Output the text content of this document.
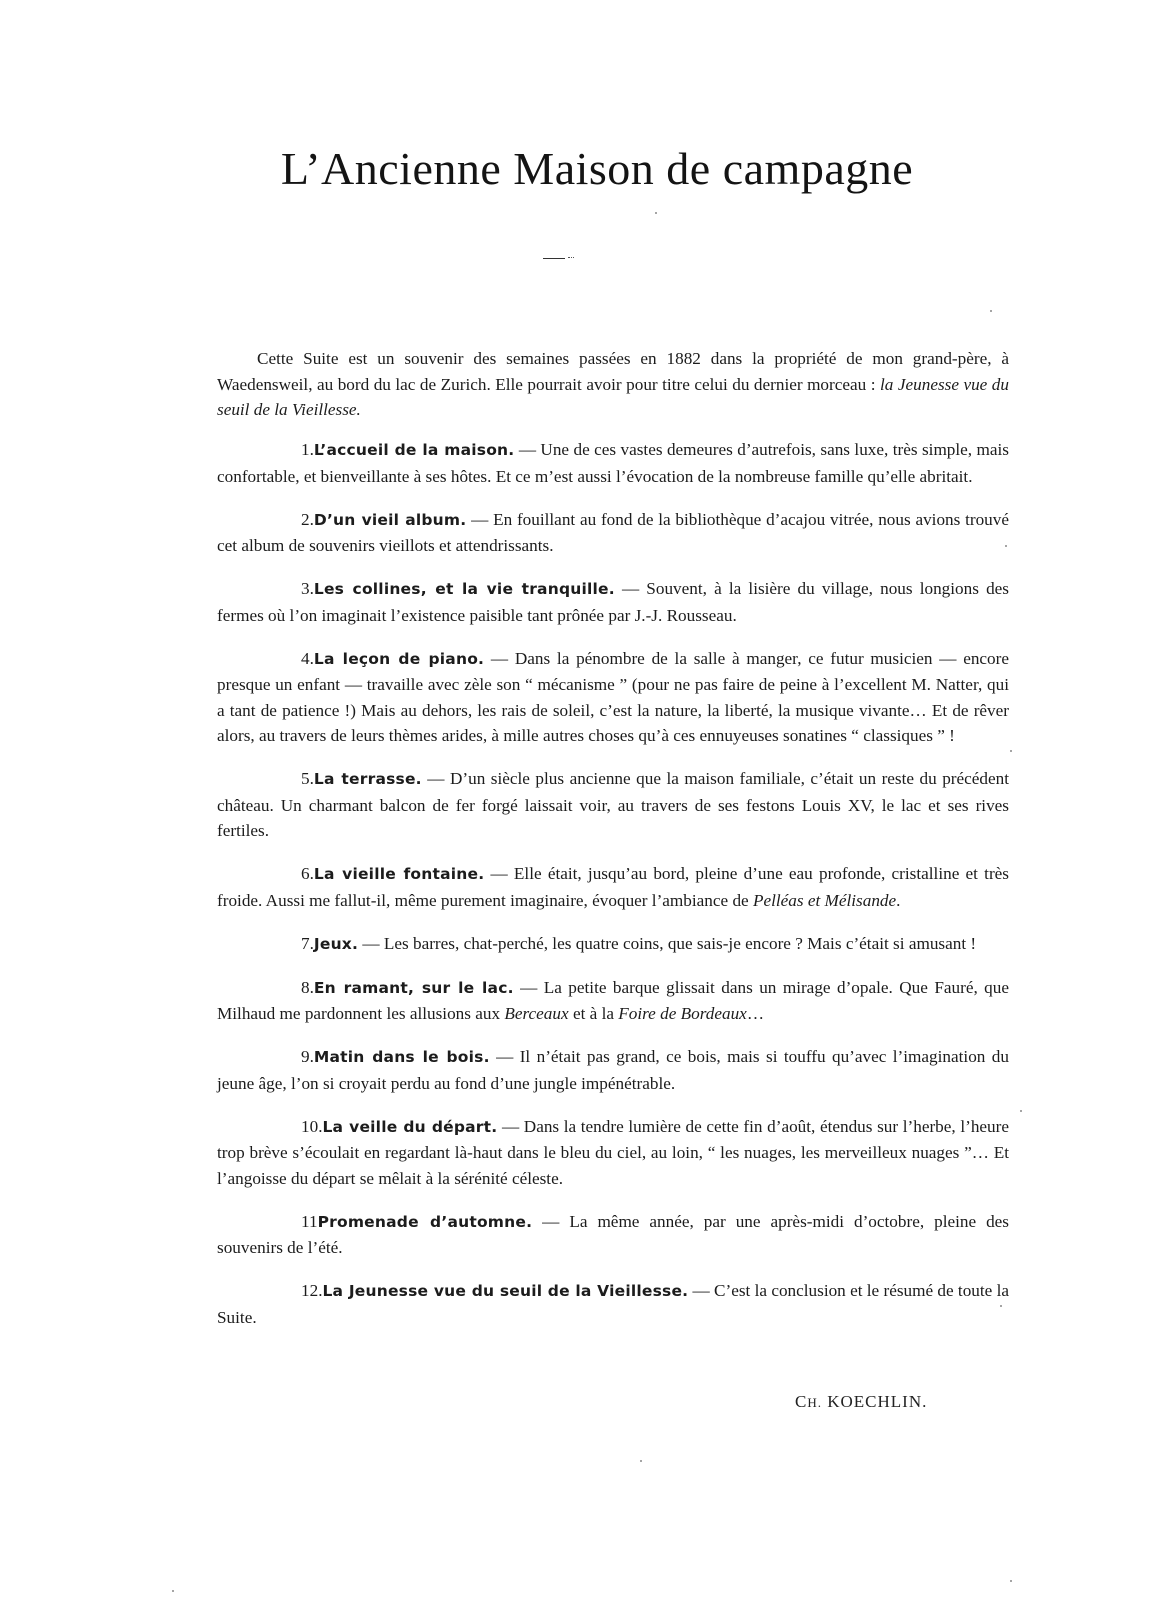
L’Ancienne Maison de campagne

Cette Suite est un souvenir des semaines passées en 1882 dans la propriété de mon grand-père, à Waedensweil, au bord du lac de Zurich. Elle pourrait avoir pour titre celui du dernier morceau : la Jeunesse vue du seuil de la Vieillesse.

1.L’accueil de la maison. — Une de ces vastes demeures d’autrefois, sans luxe, très simple, mais confortable, et bienveillante à ses hôtes. Et ce m’est aussi l’évocation de la nombreuse famille qu’elle abritait.

2.D’un vieil album. — En fouillant au fond de la bibliothèque d’acajou vitrée, nous avions trouvé cet album de souvenirs vieillots et attendrissants.

3.Les collines, et la vie tranquille. — Souvent, à la lisière du village, nous longions des fermes où l’on imaginait l’existence paisible tant prônée par J.-J. Rousseau.

4.La leçon de piano. — Dans la pénombre de la salle à manger, ce futur musicien — encore presque un enfant — travaille avec zèle son “ mécanisme ” (pour ne pas faire de peine à l’excellent M. Natter, qui a tant de patience !) Mais au dehors, les rais de soleil, c’est la nature, la liberté, la musique vivante… Et de rêver alors, au travers de leurs thèmes arides, à mille autres choses qu’à ces ennuyeuses sonatines “ classiques ” !

5.La terrasse. — D’un siècle plus ancienne que la maison familiale, c’était un reste du précédent château. Un charmant balcon de fer forgé laissait voir, au travers de ses festons Louis XV, le lac et ses rives fertiles.

6.La vieille fontaine. — Elle était, jusqu’au bord, pleine d’une eau profonde, cristalline et très froide. Aussi me fallut-il, même purement imaginaire, évoquer l’ambiance de Pelléas et Mélisande.

7.Jeux. — Les barres, chat-perché, les quatre coins, que sais-je encore ? Mais c’était si amusant !

8.En ramant, sur le lac. — La petite barque glissait dans un mirage d’opale. Que Fauré, que Milhaud me pardonnent les allusions aux Berceaux et à la Foire de Bordeaux…

9.Matin dans le bois. — Il n’était pas grand, ce bois, mais si touffu qu’avec l’imagination du jeune âge, l’on si croyait perdu au fond d’une jungle impénétrable.

10.La veille du départ. — Dans la tendre lumière de cette fin d’août, étendus sur l’herbe, l’heure trop brève s’écoulait en regardant là-haut dans le bleu du ciel, au loin, “ les nuages, les merveilleux nuages ”… Et l’angoisse du départ se mêlait à la sérénité céleste.

11Promenade d’automne. — La même année, par une après-midi d’octobre, pleine des souvenirs de l’été.

12.La Jeunesse vue du seuil de la Vieillesse. — C’est la conclusion et le résumé de toute la Suite.

CH. KOECHLIN.
